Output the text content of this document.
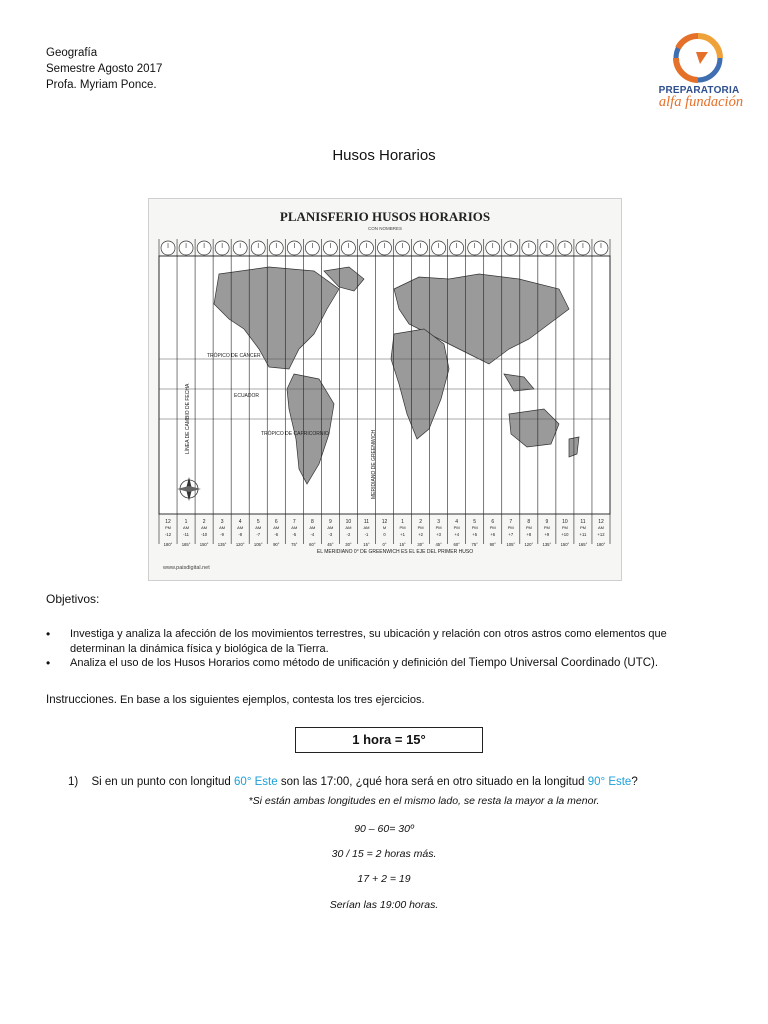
Geografía
Semestre Agosto 2017
Profa. Myriam Ponce.	PREPARATORIA
alfa fundación
Husos Horarios
PLANISFERIO HUSOS HORARIOS
CON NOMBRES
12
PM
-12
180°
1
AM
-11
165°
2
AM
-10
150°
3
AM
-9
135°
4
AM
-8
120°
5
AM
-7
105°
6
AM
-6
90°
7
AM
-5
75°
8
AM
-4
60°
9
AM
-3
45°
10
AM
-2
30°
11
AM
-1
15°
12
M
0
0°
1
PM
+1
15°
2
PM
+2
30°
3
PM
+3
45°
4
PM
+4
60°
5
PM
+5
75°
6
PM
+6
90°
7
PM
+7
105°
8
PM
+8
120°
9
PM
+9
135°
10
PM
+10
150°
11
PM
+11
165°
12
AM
+12
180°
TRÓPICO DE CÁNCER
ECUADOR
TRÓPICO DE CAPRICORNIO
LÍNEA DE CAMBIO DE FECHA
MERIDIANO DE GREENWICH
EL MERIDIANO 0° DE GREENWICH ES EL EJE DEL PRIMER HUSO
www.paisdigital.net
Objetivos:
• Investiga y analiza la afección de los movimientos terrestres, su ubicación y relación con otros astros como elementos que
determinan la dinámica física y biológica de la Tierra.
• Analiza el uso de los Husos Horarios como método de unificación y definición del Tiempo Universal Coordinado (UTC).
Instrucciones. En base a los siguientes ejemplos, contesta los tres ejercicios.
1 hora = 15°
1) Si en un punto con longitud 60° Este son las 17:00, ¿qué hora será en otro situado en la longitud 90° Este?
*Si están ambas longitudes en el mismo lado, se resta la mayor a la menor.
90 – 60= 30º
30 / 15 = 2 horas más.
17 + 2 = 19
Serían las 19:00 horas.
